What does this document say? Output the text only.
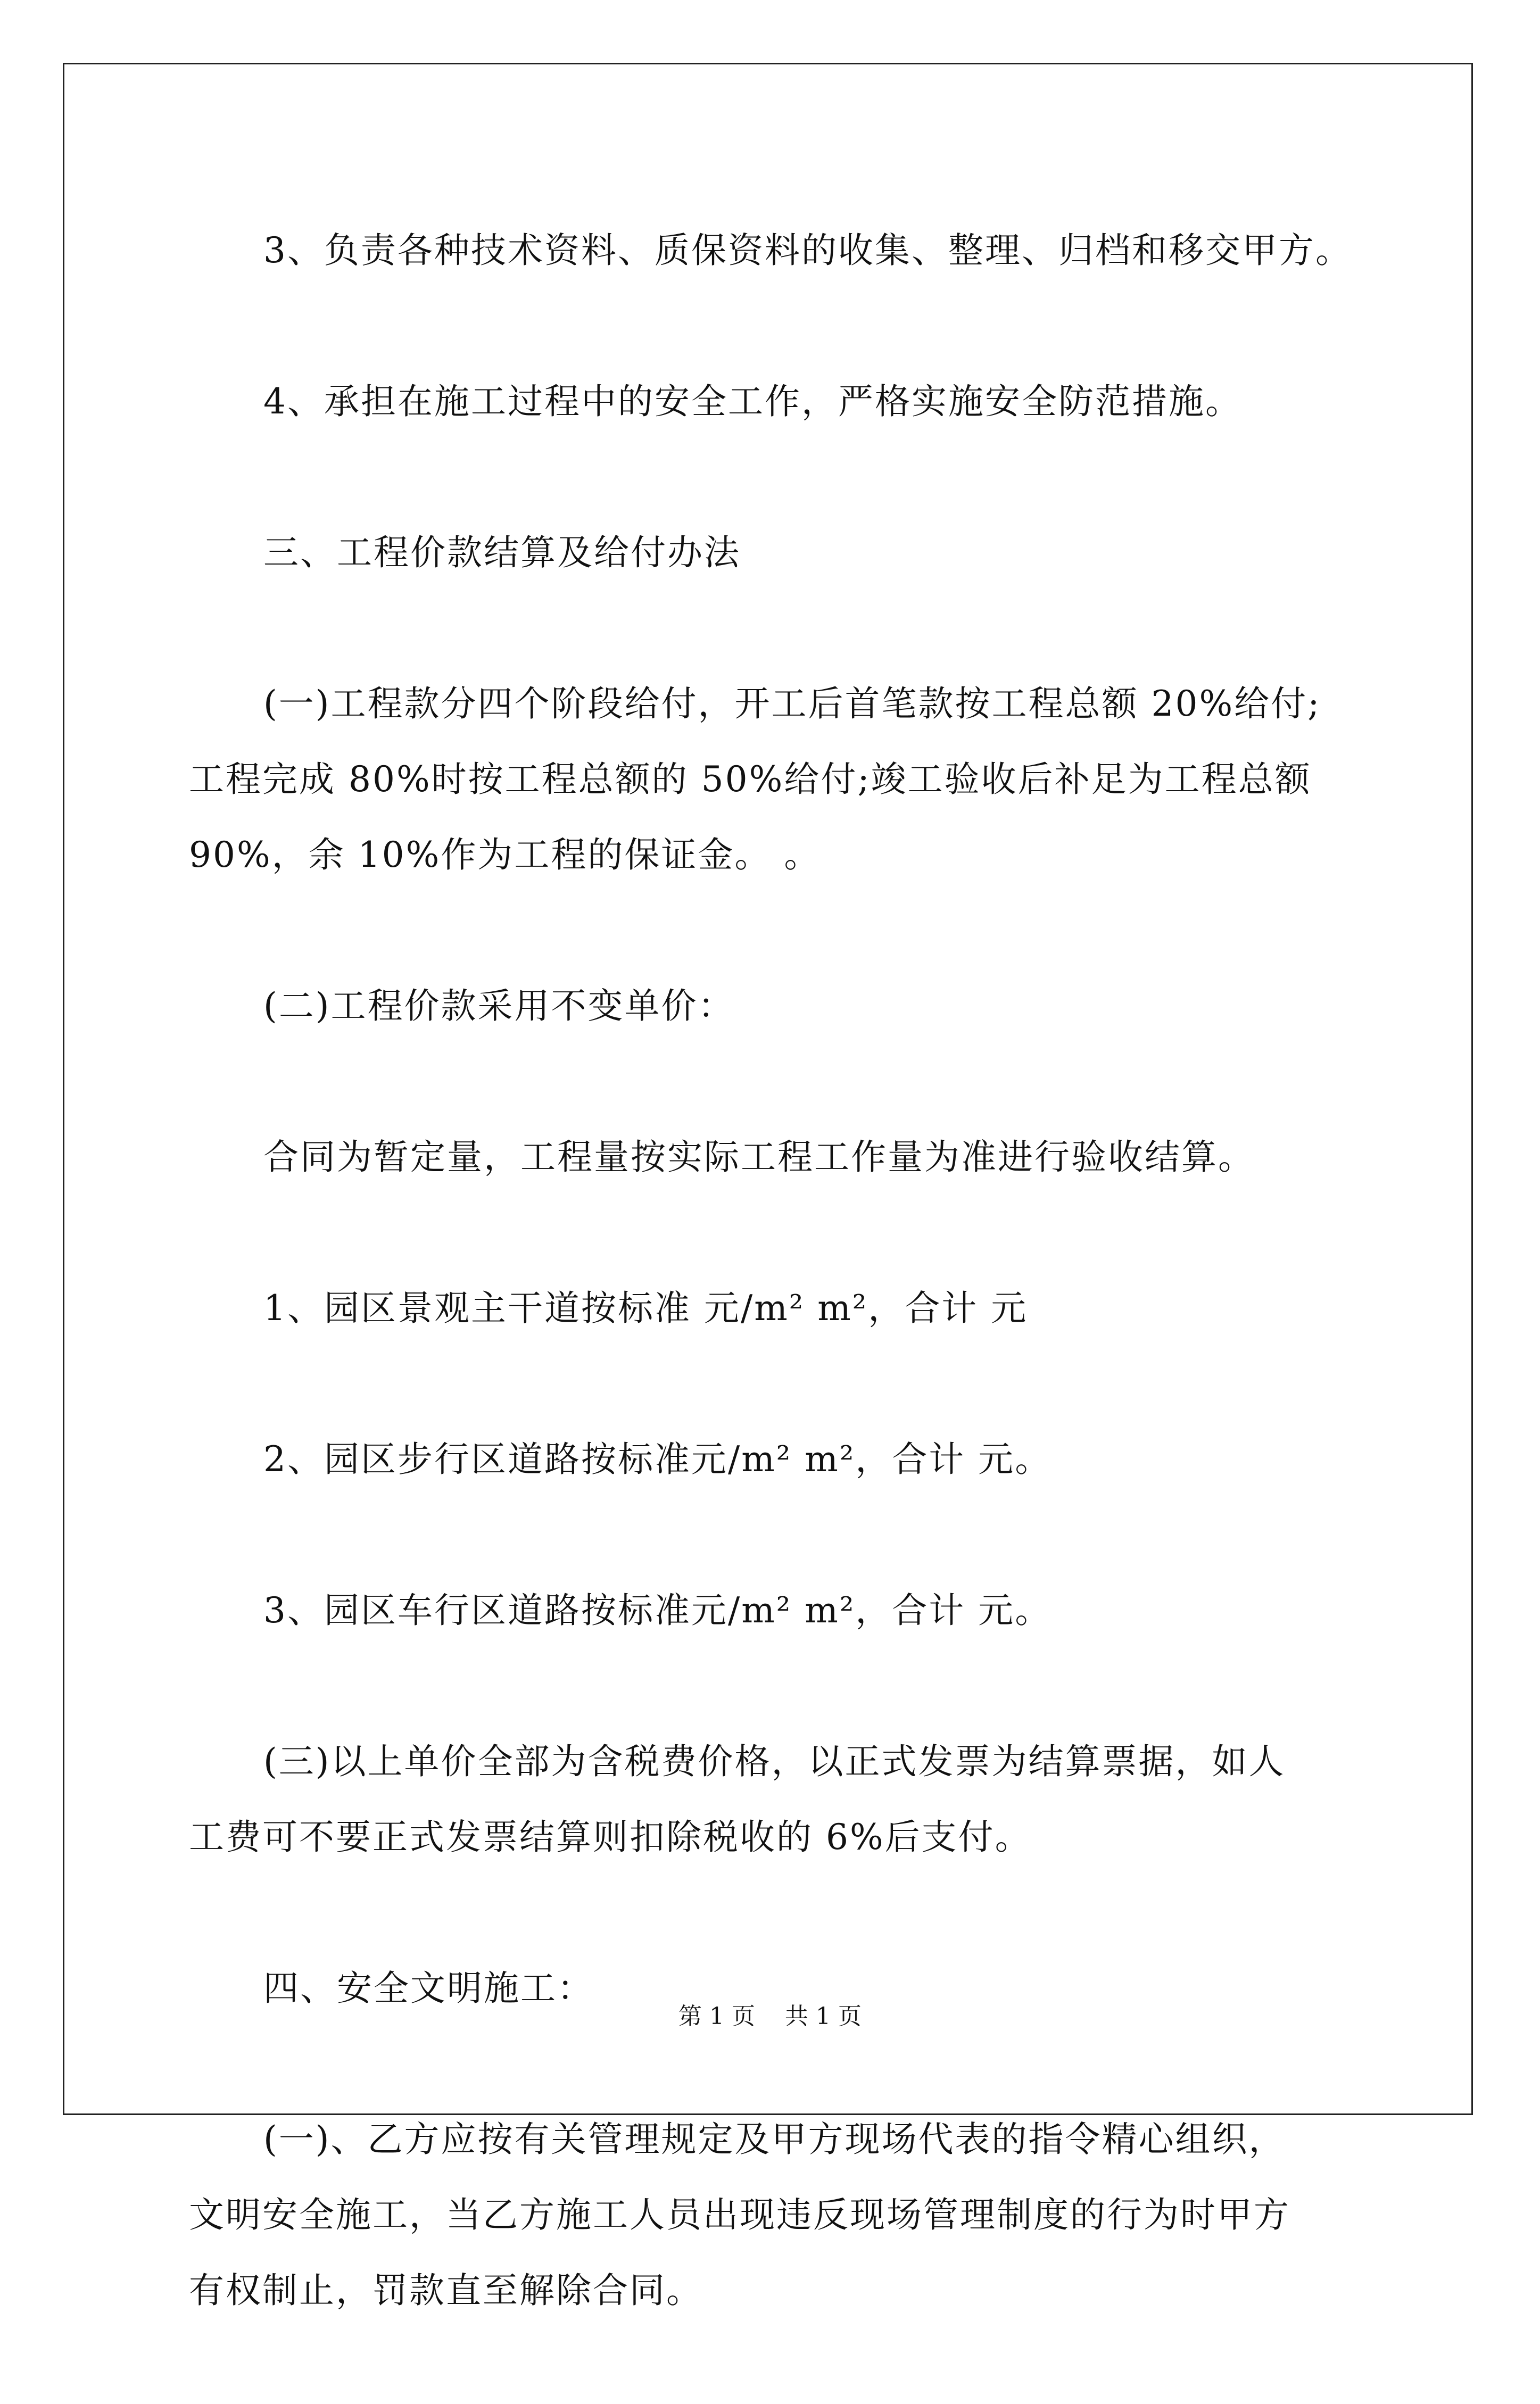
3、负责各种技术资料、质保资料的收集、整理、归档和移交甲方。

4、承担在施工过程中的安全工作，严格实施安全防范措施。

三、工程价款结算及给付办法

(一)工程款分四个阶段给付，开工后首笔款按工程总额 20%给付;
工程完成 80%时按工程总额的 50%给付;竣工验收后补足为工程总额
90%，余 10%作为工程的保证金。 。

(二)工程价款采用不变单价：

合同为暂定量，工程量按实际工程工作量为准进行验收结算。

1、园区景观主干道按标准 元/m² m²，合计 元

2、园区步行区道路按标准元/m² m²，合计 元。

3、园区车行区道路按标准元/m² m²，合计 元。

(三)以上单价全部为含税费价格，以正式发票为结算票据，如人
工费可不要正式发票结算则扣除税收的 6%后支付。

四、安全文明施工：

(一)、乙方应按有关管理规定及甲方现场代表的指令精心组织，
文明安全施工，当乙方施工人员出现违反现场管理制度的行为时甲方
有权制止，罚款直至解除合同。

第 1 页    共 1 页
